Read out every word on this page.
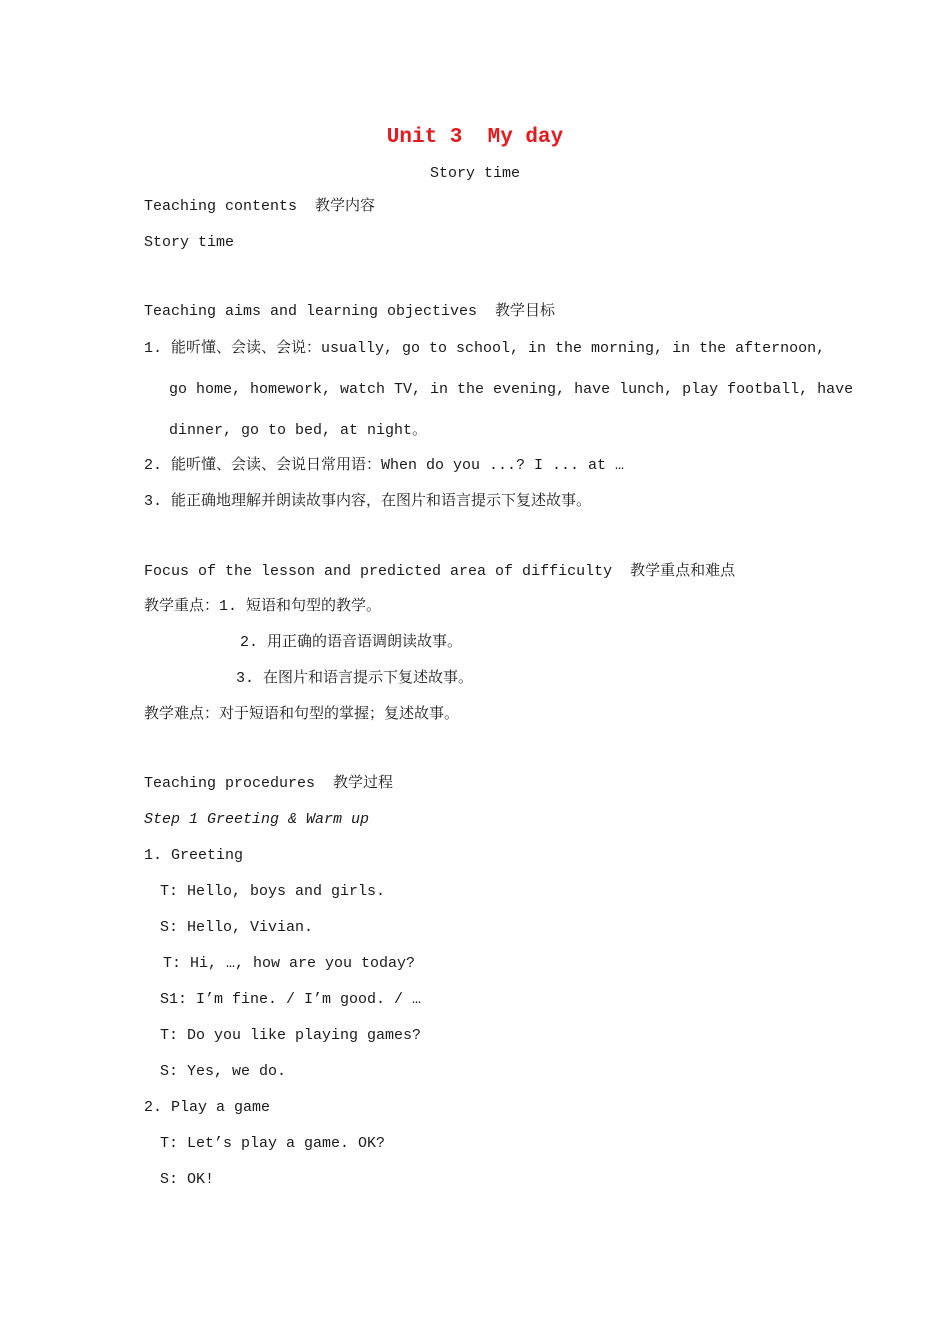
Unit 3  My day
Story time
Teaching contents  教学内容
Story time
Teaching aims and learning objectives  教学目标
1. 能听懂、会读、会说：usually, go to school, in the morning, in the afternoon,
go home, homework, watch TV, in the evening, have lunch, play football, have
dinner, go to bed, at night。
2. 能听懂、会读、会说日常用语：When do you ...? I ... at …
3. 能正确地理解并朗读故事内容，在图片和语言提示下复述故事。
Focus of the lesson and predicted area of difficulty  教学重点和难点
教学重点：1. 短语和句型的教学。
2. 用正确的语音语调朗读故事。
3. 在图片和语言提示下复述故事。
教学难点：对于短语和句型的掌握；复述故事。
Teaching procedures  教学过程
Step 1 Greeting & Warm up
1. Greeting
T: Hello, boys and girls.
S: Hello, Vivian.
T: Hi, …, how are you today?
S1: I’m fine. / I’m good. / …
T: Do you like playing games?
S: Yes, we do.
2. Play a game
T: Let’s play a game. OK?
S: OK!
